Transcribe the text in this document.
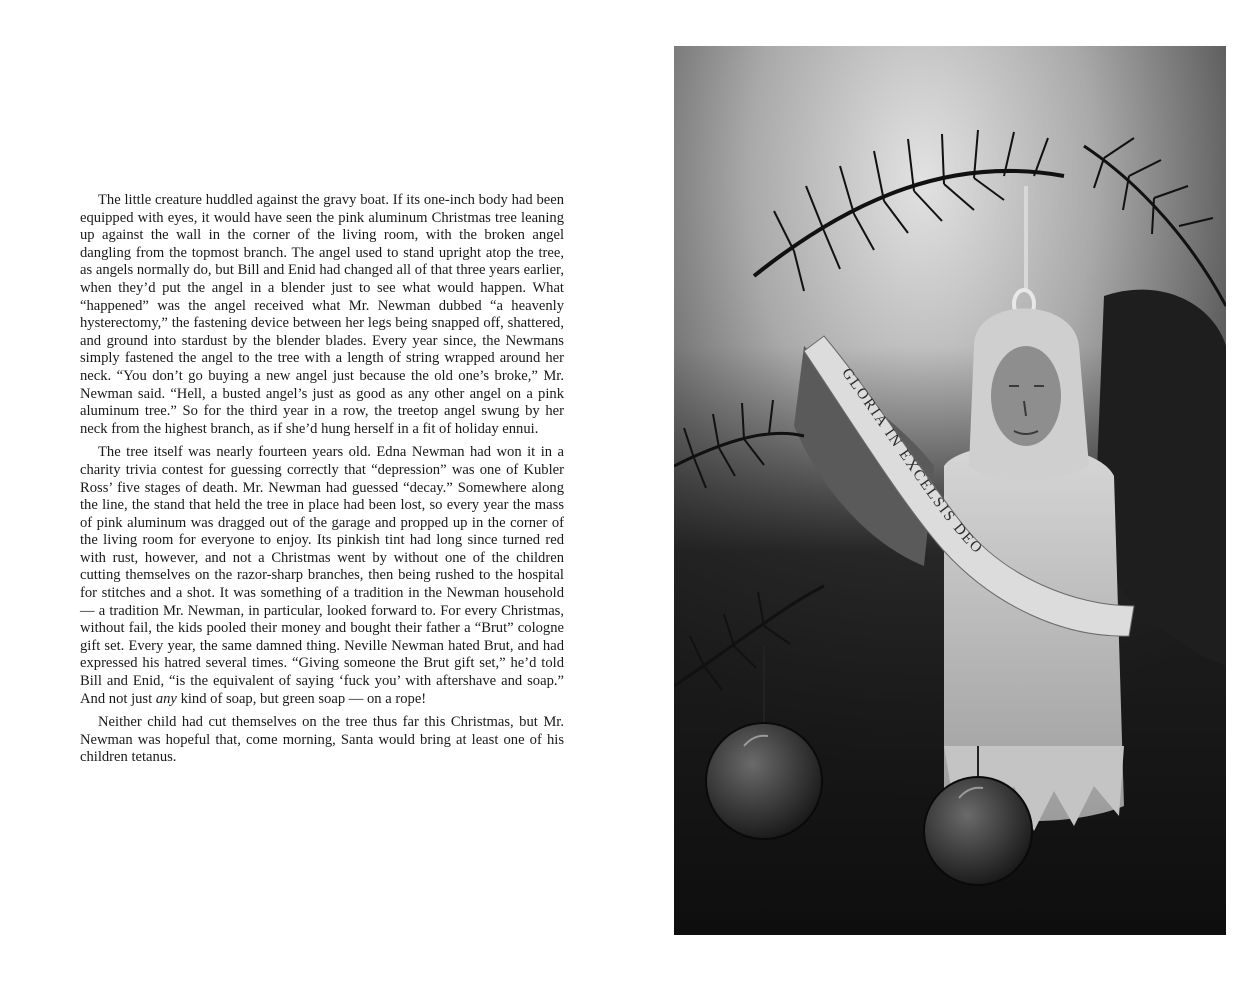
The little creature huddled against the gravy boat. If its one-inch body had been equipped with eyes, it would have seen the pink aluminum Christmas tree leaning up against the wall in the corner of the living room, with the broken angel dangling from the topmost branch. The angel used to stand upright atop the tree, as angels normally do, but Bill and Enid had changed all of that three years earlier, when they’d put the angel in a blender just to see what would happen. What “happened” was the angel received what Mr. Newman dubbed “a heavenly hysterectomy,” the fastening device between her legs being snapped off, shattered, and ground into stardust by the blender blades. Every year since, the Newmans simply fastened the angel to the tree with a length of string wrapped around her neck. “You don’t go buying a new angel just because the old one’s broke,” Mr. Newman said. “Hell, a busted angel’s just as good as any other angel on a pink aluminum tree.” So for the third year in a row, the treetop angel swung by her neck from the highest branch, as if she’d hung herself in a fit of holiday ennui.

The tree itself was nearly fourteen years old. Edna Newman had won it in a charity trivia contest for guessing correctly that “depression” was one of Kubler Ross’ five stages of death. Mr. Newman had guessed “decay.” Somewhere along the line, the stand that held the tree in place had been lost, so every year the mass of pink aluminum was dragged out of the garage and propped up in the corner of the living room for everyone to enjoy. Its pinkish tint had long since turned red with rust, however, and not a Christmas went by without one of the children cutting themselves on the razor-sharp branches, then being rushed to the hospital for stitches and a shot. It was something of a tradition in the Newman household — a tradition Mr. Newman, in particular, looked forward to. For every Christmas, without fail, the kids pooled their money and bought their father a “Brut” cologne gift set. Every year, the same damned thing. Neville Newman hated Brut, and had expressed his hatred several times. “Giving someone the Brut gift set,” he’d told Bill and Enid, “is the equivalent of saying ‘fuck you’ with aftershave and soap.” And not just any kind of soap, but green soap — on a rope!

Neither child had cut themselves on the tree thus far this Christmas, but Mr. Newman was hopeful that, come morning, Santa would bring at least one of his children tetanus.

GLORIA IN EXCELSIS DEO
